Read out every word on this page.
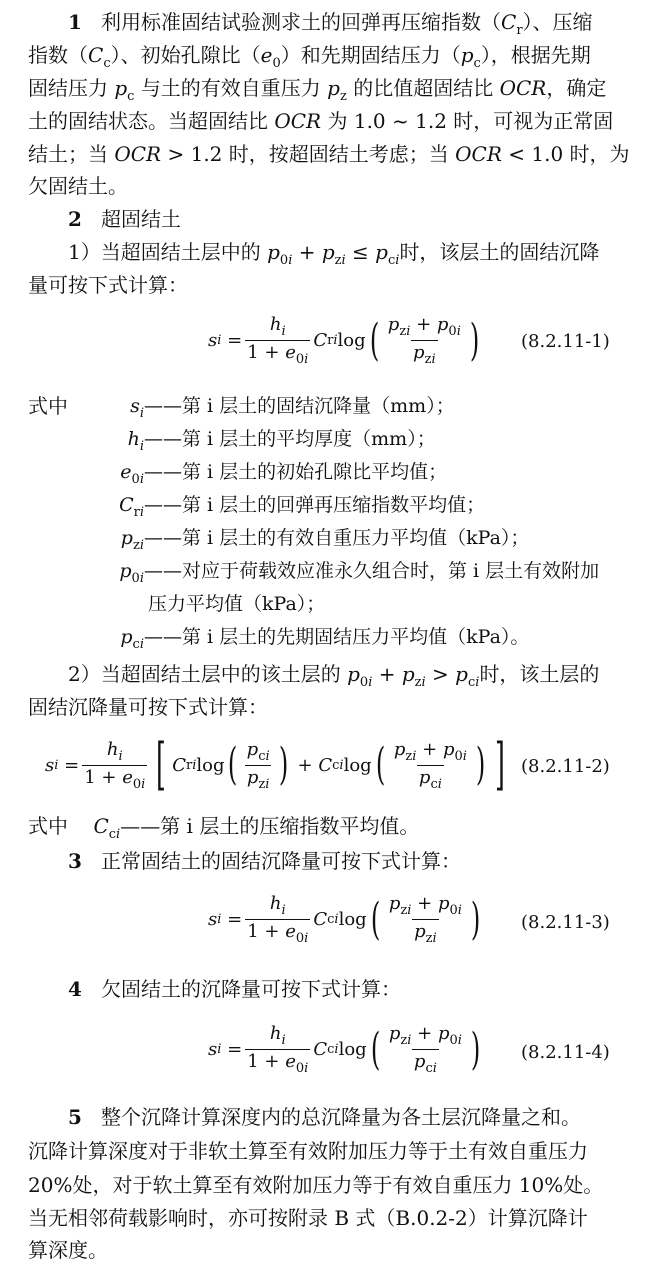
1 利用标准固结试验测求土的回弹再压缩指数$(C_r)$、压缩
指数$(C_c)$、初始孔隙比$(e_0)$和先期固结压力$(p_c)$，根据先期
固结压力 $p_c$ 与土的有效自重压力 $p_z$ 的比值超固结比 OCR，确定
土的固结状态。当超固结比 OCR 为 1.0 ~ 1.2 时，可视为正常固
结土；当 OCR > 1.2 时，按超固结土考虑；当 OCR < 1.0 时，为
欠固结土。
2 超固结土
1）当超固结土层中的 $p_{0i} + p_{zi} \le p_{ci}$时，该层土的固结沉降
量可按下式计算：
s $i = \frac{h_i}{1 + e_{0i}}$ C ri log ( $\frac{p_{zi} + p_{0i}}{p_{zi}}$ ) (8.2.11-1)
式中	$s_i——$第 i 层土的固结沉降量（mm）；
$h_i——$第 i 层土的平均厚度（mm）；
$e_{0i}——$第 i 层土的初始孔隙比平均值；
$C_{ri}——$第 i 层土的回弹再压缩指数平均值；
$p_{zi}——$第 i 层土的有效自重压力平均值（kPa）；
$p_{0i}——$对应于荷载效应准永久组合时，第 i 层土有效附加
压力平均值（kPa）；
$p_{ci}——$第 i 层土的先期固结压力平均值（kPa）。
2）当超固结土层中的该土层的 $p_{0i} + p_{zi} > p_{ci}$时，该土层的
固结沉降量可按下式计算：
s $i = \frac{h_i}{1 + e_{0i}}$ [ C ri log ( $\frac{p_{ci}}{p_{zi}}$ ) + C ci log ( $\frac{p_{zi} + p_{0i}}{p_{ci}}$ ) ] (8.2.11-2)
式中 $C_{ci}——$第 i 层土的压缩指数平均值。
3 正常固结土的固结沉降量可按下式计算：
s $i = \frac{h_i}{1 + e_{0i}}$ C ci log ( $\frac{p_{zi} + p_{0i}}{p_{zi}}$ ) (8.2.11-3)
4 欠固结土的沉降量可按下式计算：
s $i = \frac{h_i}{1 + e_{0i}}$ C ci log ( $\frac{p_{zi} + p_{0i}}{p_{ci}}$ ) (8.2.11-4)
5 整个沉降计算深度内的总沉降量为各土层沉降量之和。
沉降计算深度对于非软土算至有效附加压力等于土有效自重压力
20%处，对于软土算至有效附加压力等于有效自重压力 10%处。
当无相邻荷载影响时，亦可按附录 B 式（B.0.2-2）计算沉降计
算深度。
